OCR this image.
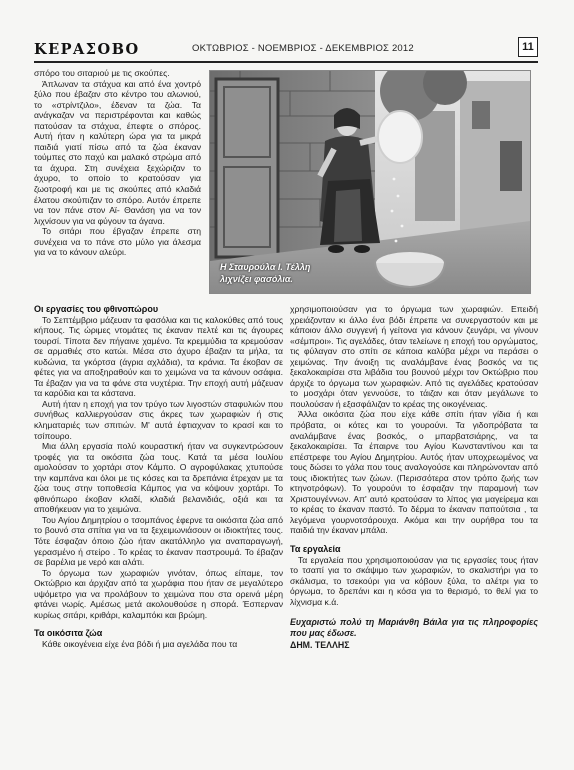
ΚΕΡΑΣΟΒΟ	ΟΚΤΩΒΡΙΟΣ - ΝΟΕΜΒΡΙΟΣ - ΔΕΚΕΜΒΡΙΟΣ 2012	11
Η Σταυρούλα Ι. Τέλλη
λιχνίζει φασόλια.

σπόρο του σιταριού με τις σκούπες.

Άπλωναν τα στάχυα και από ένα χοντρό ξύλο που έβαζαν στο κέντρο του αλωνιού, το «στρίντζιλο», έδεναν τα ζώα. Τα ανάγκαζαν να περιστρέφονται και καθώς πατούσαν τα στάχυα, έπεφτε ο σπόρος. Αυτή ήταν η καλύτερη ώρα για τα μικρά παιδιά γιατί πίσω από τα ζώα έκαναν τούμπες στο παχύ και μαλακό στρώμα από τα άχυρα. Στη συνέχεια ξεχώριζαν το άχυρο, το οποίο το κρατούσαν για ζωοτροφή και με τις σκούπες από κλαδιά έλατου σκούπιζαν το σπόρο. Αυτόν έπρεπε να τον πάνε στον Αϊ- Θανάση για να τον λιχνίσουν για να φύγουν τα άγανα.

Το σιτάρι που έβγαζαν έπρεπε στη συνέχεια να το πάνε στο μύλο για άλεσμα για να το κάνουν αλεύρι.

Οι εργασίες του φθινοπώρου

Το Σεπτέμβριο μάζευαν τα φασόλια και τις καλοκύθες από τους κήπους. Τις ώριμες ντομάτες τις έκαναν πελτέ και τις άγουρες τουρσί. Τίποτα δεν πήγαινε χαμένο. Τα κρεμμύδια τα κρεμούσαν σε αρμαθιές στο κατώι. Μέσα στο άχυρο έβαζαν τα μήλα, τα κυδώνια, τα γκόρτσα (άγρια αχλάδια), τα κράνια. Τα έκοβαν σε φέτες για να αποξηραθούν και το χειμώνα να τα κάνουν οσάφια. Τα έβαζαν για να τα φάνε στα νυχτέρια. Την εποχή αυτή μάζευαν τα καρύδια και τα κάστανα.

Αυτή ήταν η εποχή για τον τρύγο των λιγοστών σταφυλιών που συνήθως καλλιεργούσαν στις άκρες των χωραφιών ή στις κληματαριές των σπιτιών. Μ' αυτά έφτιαχναν το κρασί και το τσίπουρο.

Μια άλλη εργασία πολύ κουραστική ήταν να συγκεντρώσουν τροφές για τα οικόσιτα ζώα τους. Κατά τα μέσα Ιουλίου αμολούσαν το χορτάρι στον Κάμπο. Ο αγροφύλακας χτυπούσε την καμπάνα και όλοι με τις κόσες και τα δρεπάνια έτρεχαν με τα ζώα τους στην τοποθεσία Κάμπος για να κόψουν χορτάρι. Το φθινόπωρο έκοβαν κλαδί, κλαδιά βελανιδιάς, οξιά και τα αποθήκευαν για το χειμώνα.

Του Αγίου Δημητρίου ο τσομπάνος έφερνε τα οικόσιτα ζώα από το βουνό στα σπίτια για να τα ξεχειμωνιάσουν οι ιδιοκτήτες τους. Τότε έσφαζαν όποιο ζώο ήταν ακατάλληλο για αναπαραγωγή, γερασμένο ή στείρο . Το κρέας το έκαναν παστρουμά. Το έβαζαν σε βαρέλια με νερό και αλάτι.

Το όργωμα των χωραφιών γινόταν, όπως είπαμε, τον Οκτώβριο και άρχιζαν από τα χωράφια που ήταν σε μεγαλύτερο υψόμετρο για να προλάβουν το χειμώνα που στα ορεινά μέρη φτάνει νωρίς. Αμέσως μετά ακολουθούσε η σπορά. Έσπερναν κυρίως σιτάρι, κριθάρι, καλαμπόκι και βρώμη.

Τα οικόσιτα ζώα

Κάθε οικογένεια είχε ένα βόδι ή μια αγελάδα που τα

χρησιμοποιούσαν για το όργωμα των χωραφιών. Επειδή χρειάζονταν κι άλλο ένα βόδι έπρεπε να συνεργαστούν και με κάποιον άλλο συγγενή ή γείτονα για κάνουν ζευγάρι, να γίνουν «σέμπροι». Τις αγελάδες, όταν τελείωνε η εποχή του οργώματος, τις φύλαγαν στο σπίτι σε κάποια καλύβα μέχρι να περάσει ο χειμώνας. Την άνοιξη τις αναλάμβανε ένας βοσκός να τις ξεκαλοκαιρίσει στα λιβάδια του βουνού μέχρι τον Οκτώβριο που άρχιζε το όργωμα των χωραφιών. Από τις αγελάδες κρατούσαν το μοσχάρι όταν γεννούσε, το τάιζαν και όταν μεγάλωνε το πουλούσαν ή εξασφάλιζαν το κρέας της οικογένειας.

Άλλα οικόσιτα ζώα που είχε κάθε σπίτι ήταν γίδια ή και πρόβατα, οι κότες και το γουρούνι. Τα γιδοπρόβατα τα αναλάμβανε ένας βοσκός, ο μπαρβατσιάρης, να τα ξεκαλοκαιρίσει. Τα έπαιρνε του Αγίου Κωνσταντίνου και τα επέστρεφε του Αγίου Δημητρίου. Αυτός ήταν υποχρεωμένος να τους δώσει το γάλα που τους αναλογούσε και πληρώνονταν από τους ιδιοκτήτες των ζώων. (Περισσότερα στον τρόπο ζωής των κτηνοτρόφων). Το γουρούνι το έσφαζαν την παραμονή των Χριστουγέννων. Απ' αυτό κρατούσαν το λίπος για μαγείρεμα και το κρέας το έκαναν παστό. Το δέρμα το έκαναν παπούτσια , τα λεγόμενα γουρνοτσάρουχα. Ακόμα και την ουρήθρα του τα παιδιά την έκαναν μπάλα.

Τα εργαλεία

Τα εργαλεία που χρησιμοποιούσαν για τις εργασίες τους ήταν το τσαπί για το σκάψιμο των χωραφιών, το σκαλιστήρι για το σκάλισμα, το τσεκούρι για να κόβουν ξύλα, το αλέτρι για το όργωμα, το δρεπάνι και η κόσα για το θερισμό, το θελί για το λίχνισμα κ.ά.

Ευχαριστώ πολύ τη Μαριάνθη Βάιλα για τις πληροφορίες που μας έδωσε.

ΔΗΜ. ΤΕΛΛΗΣ
